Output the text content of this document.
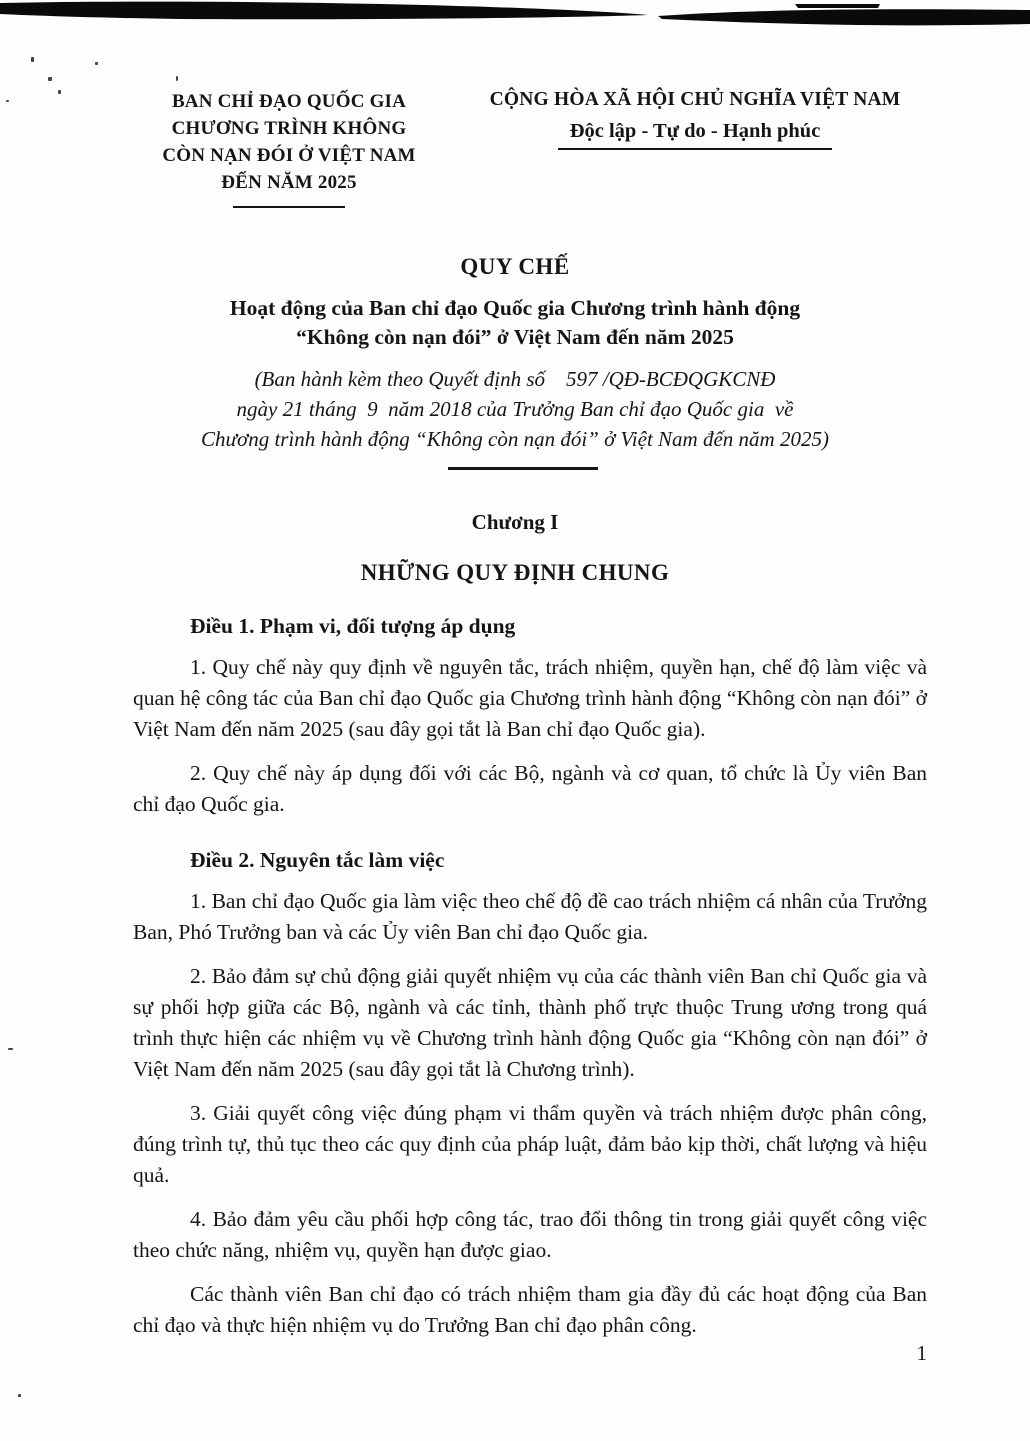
BAN CHỈ ĐẠO QUỐC GIA
CHƯƠNG TRÌNH KHÔNG
CÒN NẠN ĐÓI Ở VIỆT NAM
ĐẾN NĂM 2025
CỘNG HÒA XÃ HỘI CHỦ NGHĨA VIỆT NAM
Độc lập - Tự do - Hạnh phúc
QUY CHẾ
Hoạt động của Ban chỉ đạo Quốc gia Chương trình hành động
“Không còn nạn đói” ở Việt Nam đến năm 2025
(Ban hành kèm theo Quyết định số    597 /QĐ-BCĐQGKCNĐ
ngày 21 tháng  9  năm 2018 của Trưởng Ban chỉ đạo Quốc gia  về
Chương trình hành động “Không còn nạn đói” ở Việt Nam đến năm 2025)
Chương I
NHỮNG QUY ĐỊNH CHUNG
Điều 1. Phạm vi, đối tượng áp dụng

1. Quy chế này quy định về nguyên tắc, trách nhiệm, quyền hạn, chế độ làm việc và quan hệ công tác của Ban chỉ đạo Quốc gia Chương trình hành động “Không còn nạn đói” ở Việt Nam đến năm 2025 (sau đây gọi tắt là Ban chỉ đạo Quốc gia).

2. Quy chế này áp dụng đối với các Bộ, ngành và cơ quan, tổ chức là Ủy viên Ban chỉ đạo Quốc gia.

Điều 2. Nguyên tắc làm việc

1. Ban chỉ đạo Quốc gia làm việc theo chế độ đề cao trách nhiệm cá nhân của Trưởng Ban, Phó Trưởng ban và các Ủy viên Ban chỉ đạo Quốc gia.

2. Bảo đảm sự chủ động giải quyết nhiệm vụ của các thành viên Ban chỉ Quốc gia và sự phối hợp giữa các Bộ, ngành và các tỉnh, thành phố trực thuộc Trung ương trong quá trình thực hiện các nhiệm vụ về Chương trình hành động Quốc gia “Không còn nạn đói” ở Việt Nam đến năm 2025 (sau đây gọi tắt là Chương trình).

3. Giải quyết công việc đúng phạm vi thẩm quyền và trách nhiệm được phân công, đúng trình tự, thủ tục theo các quy định của pháp luật, đảm bảo kịp thời, chất lượng và hiệu quả.

4. Bảo đảm yêu cầu phối hợp công tác, trao đổi thông tin trong giải quyết công việc theo chức năng, nhiệm vụ, quyền hạn được giao.

Các thành viên Ban chỉ đạo có trách nhiệm tham gia đầy đủ các hoạt động của Ban chỉ đạo và thực hiện nhiệm vụ do Trưởng Ban chỉ đạo phân công.

1
